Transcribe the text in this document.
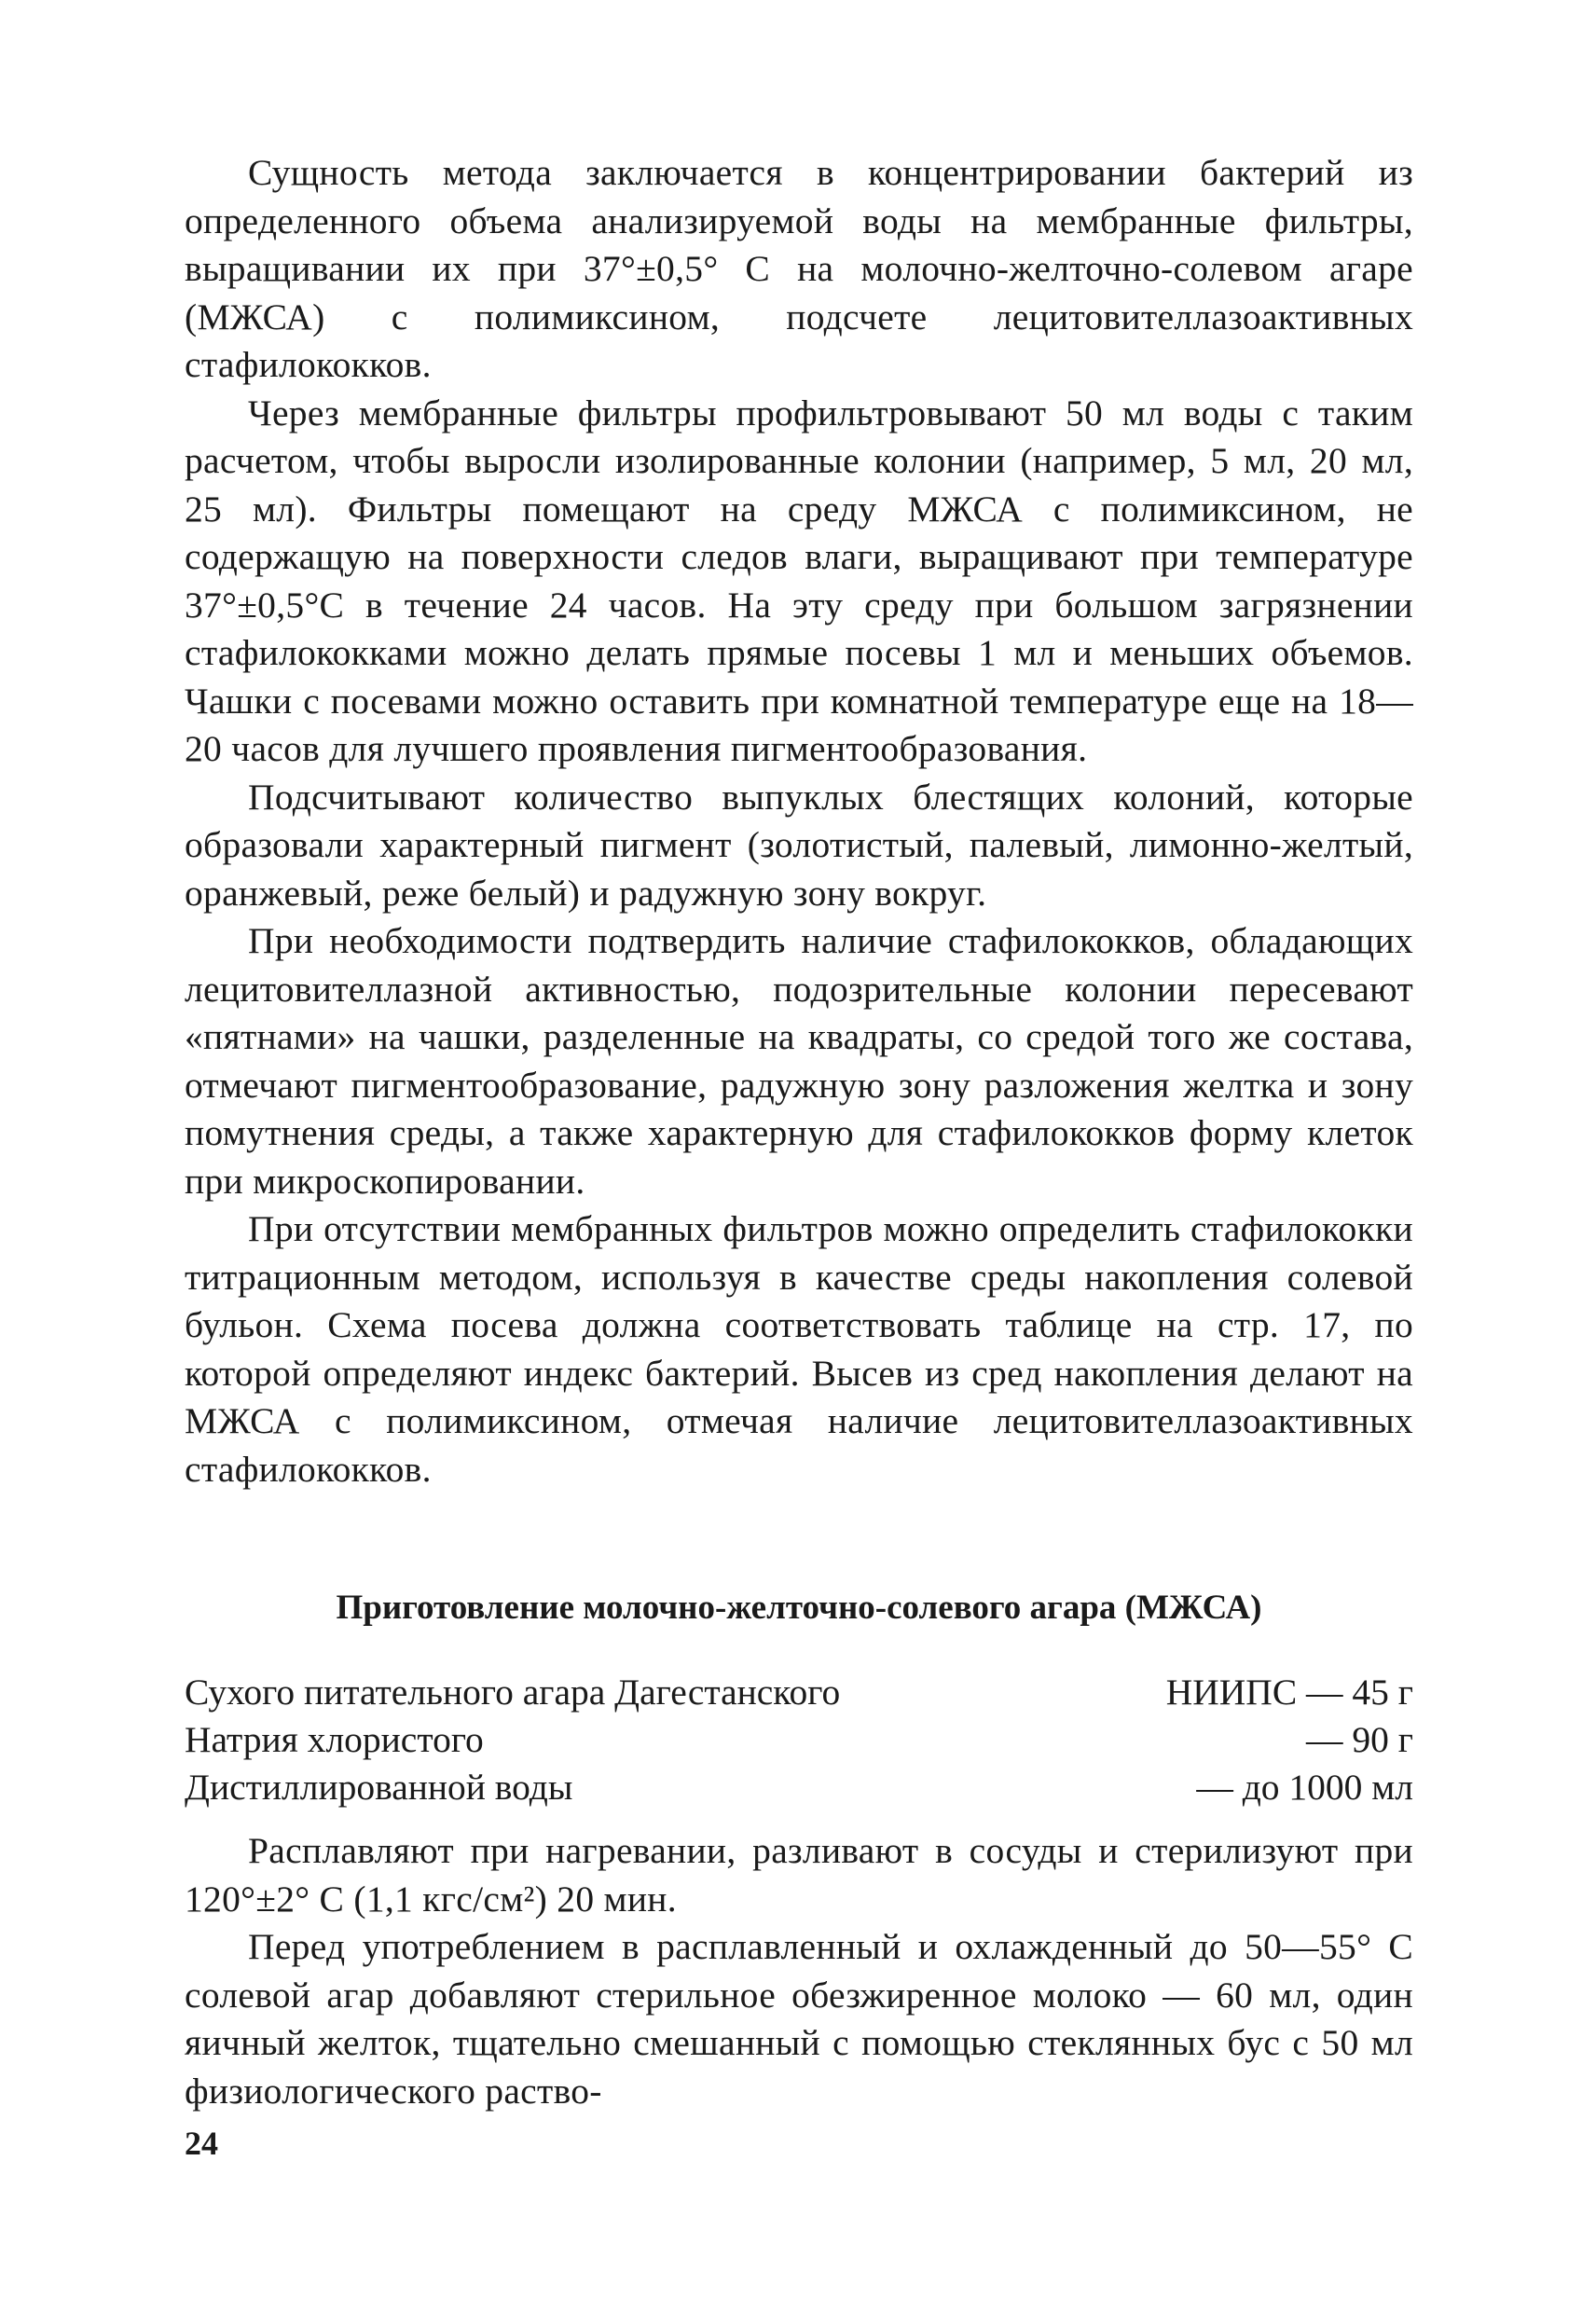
Сущность метода заключается в концентрировании бактерий из определенного объема анализируемой воды на мембранные фильтры, выращивании их при 37°±0,5° С на молочно-желточно-солевом агаре (МЖСА) с полимиксином, подсчете лецитовителлазоактивных стафилококков.

Через мембранные фильтры профильтровывают 50 мл воды с таким расчетом, чтобы выросли изолированные колонии (например, 5 мл, 20 мл, 25 мл). Фильтры помещают на среду МЖСА с полимиксином, не содержащую на поверхности следов влаги, выращивают при температуре 37°±0,5°С в течение 24 часов. На эту среду при большом загрязнении стафилококками можно делать прямые посевы 1 мл и меньших объемов. Чашки с посевами можно оставить при комнатной температуре еще на 18—20 часов для лучшего проявления пигментообразования.

Подсчитывают количество выпуклых блестящих колоний, которые образовали характерный пигмент (золотистый, палевый, лимонно-желтый, оранжевый, реже белый) и радужную зону вокруг.

При необходимости подтвердить наличие стафилококков, обладающих лецитовителлазной активностью, подозрительные колонии пересевают «пятнами» на чашки, разделенные на квадраты, со средой того же состава, отмечают пигментообразование, радужную зону разложения желтка и зону помутнения среды, а также характерную для стафилококков форму клеток при микроскопировании.

При отсутствии мембранных фильтров можно определить стафилококки титрационным методом, используя в качестве среды накопления солевой бульон. Схема посева должна соответствовать таблице на стр. 17, по которой определяют индекс бактерий. Высев из сред накопления делают на МЖСА с полимиксином, отмечая наличие лецитовителлазоактивных стафилококков.

Приготовление молочно-желточно-солевого агара (МЖСА)
Сухого питательного агара Дагестанского	НИИПС — 45 г
Натрия хлористого	— 90 г
Дистиллированной воды	— до 1000 мл

Расплавляют при нагревании, разливают в сосуды и стерилизуют при 120°±2° С (1,1 кгс/см²) 20 мин.

Перед употреблением в расплавленный и охлажденный до 50—55° С солевой агар добавляют стерильное обезжиренное молоко — 60 мл, один яичный желток, тщательно смешанный с помощью стеклянных бус с 50 мл физиологического раство-

24
